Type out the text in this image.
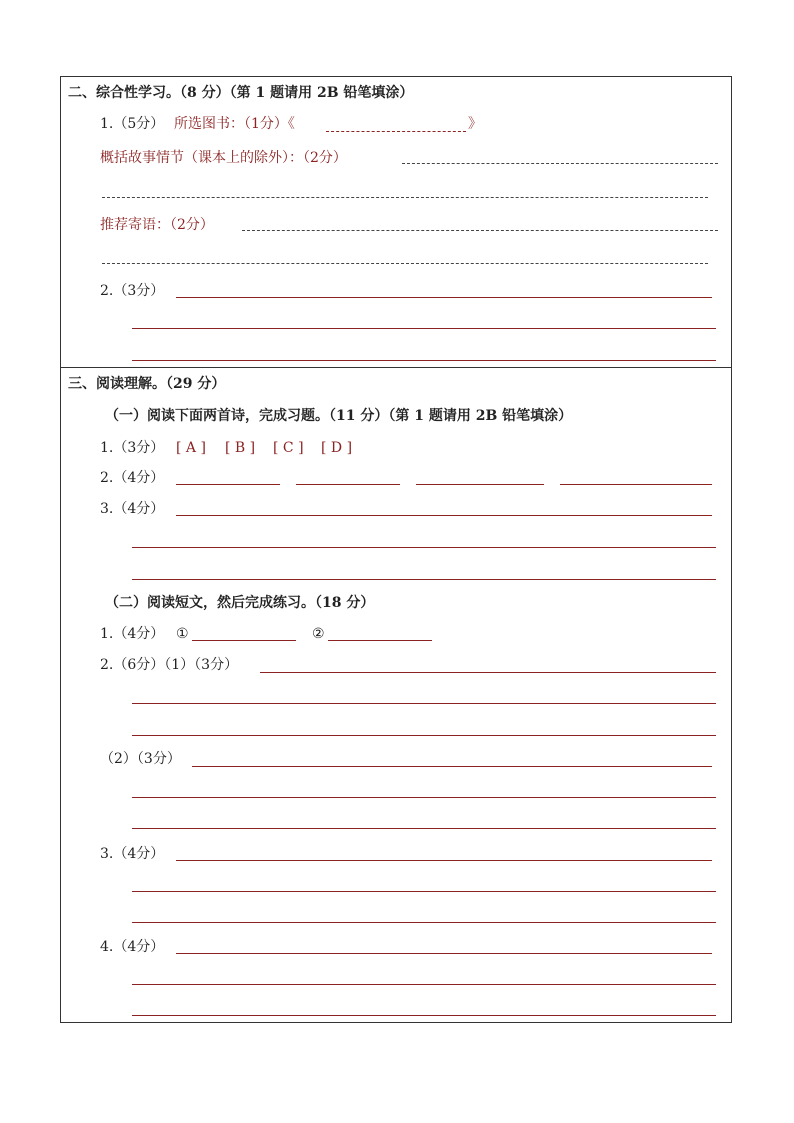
二、综合性学习。（8 分）（第 1 题请用 2B 铅笔填涂）
1.（5分） 所选图书：（1分）《	》
概括故事情节（课本上的除外）：（2分）
推荐寄语：（2分）
2.（3分）
三、阅读理解。（29 分）
（一）阅读下面两首诗，完成习题。（11 分）（第 1 题请用 2B 铅笔填涂）
1.（3分） [ A ] [ B ] [ C ] [ D ]
2.（4分）
3.（4分）
（二）阅读短文，然后完成练习。（18 分）
1.（4分） ①	②
2.（6分）（1）（3分）
（2）（3分）
3.（4分）
4.（4分）
